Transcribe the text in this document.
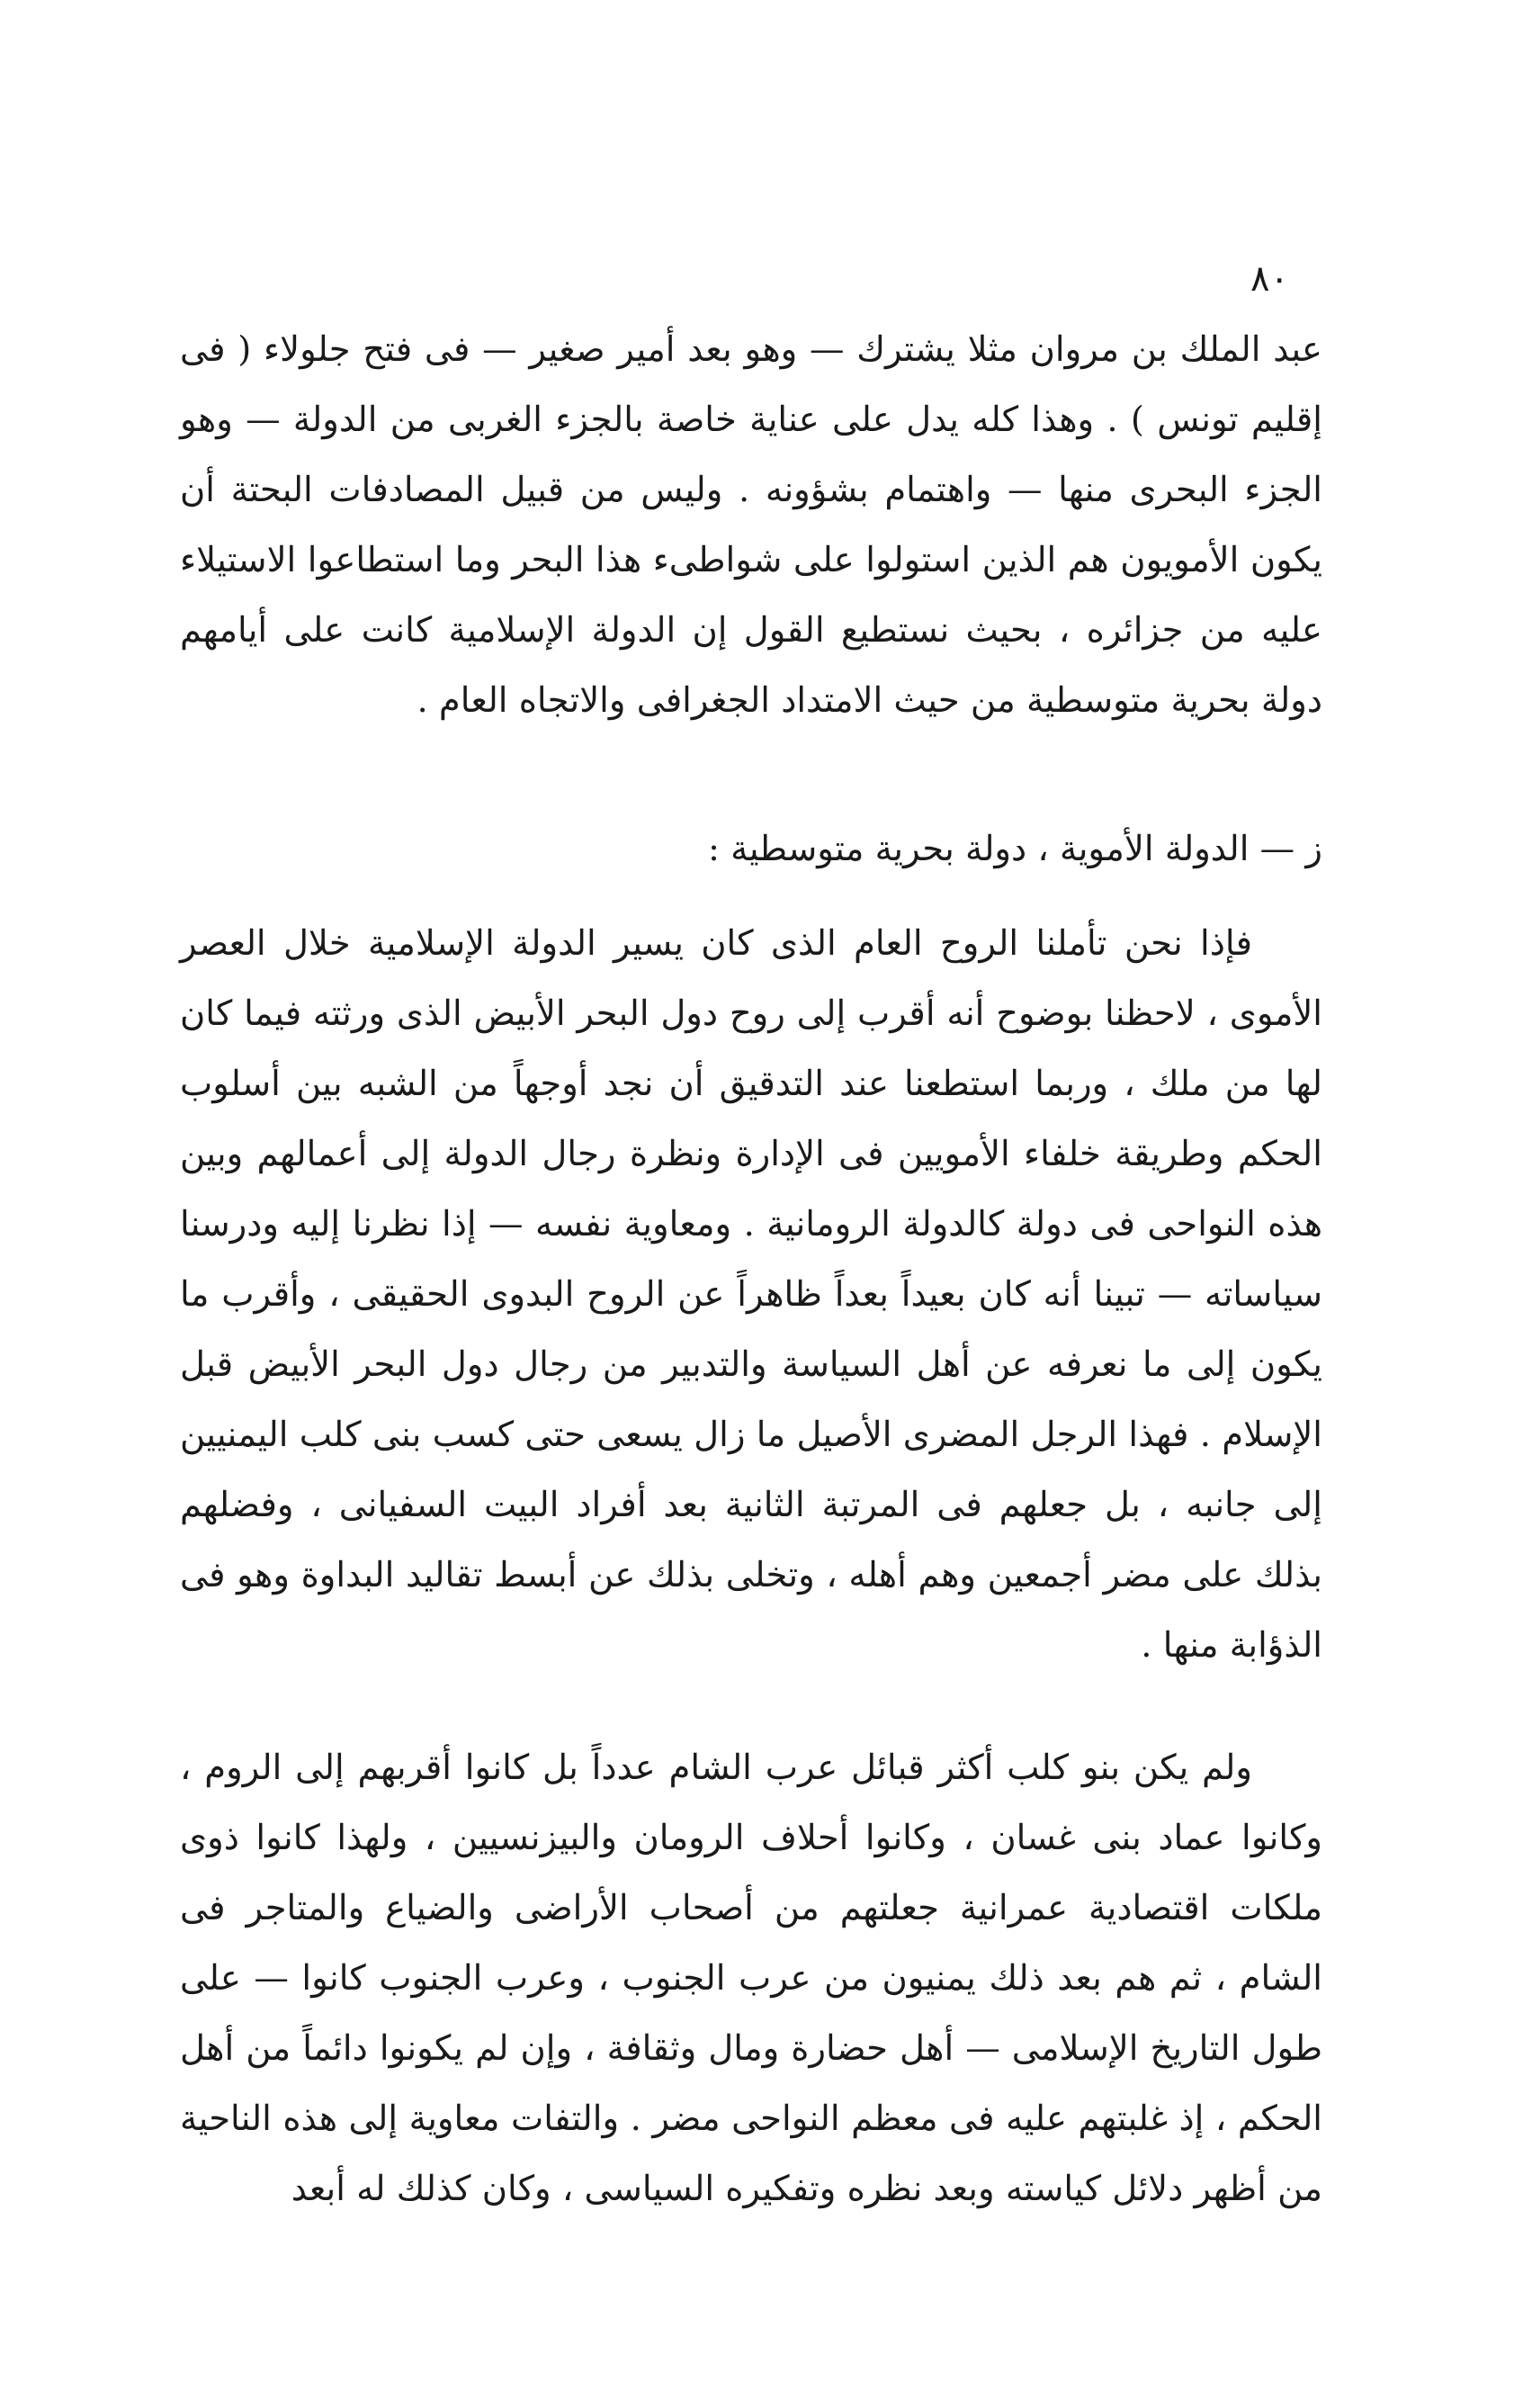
٨٠

عبد الملك بن مروان مثلا يشترك — وهو بعد أمير صغير — فى فتح جلولاء ( فى إقليم تونس ) . وهذا كله يدل على عناية خاصة بالجزء الغربى من الدولة — وهو الجزء البحرى منها — واهتمام بشؤونه . وليس من قبيل المصادفات البحتة أن يكون الأمويون هم الذين استولوا على شواطىء هذا البحر وما استطاعوا الاستيلاء عليه من جزائره ، بحيث نستطيع القول إن الدولة الإسلامية كانت على أيامهم دولة بحرية متوسطية من حيث الامتداد الجغرافى والاتجاه العام .

ز — الدولة الأموية ، دولة بحرية متوسطية :

فإذا نحن تأملنا الروح العام الذى كان يسير الدولة الإسلامية خلال العصر الأموى ، لاحظنا بوضوح أنه أقرب إلى روح دول البحر الأبيض الذى ورثته فيما كان لها من ملك ، وربما استطعنا عند التدقيق أن نجد أوجهاً من الشبه بين أسلوب الحكم وطريقة خلفاء الأمويين فى الإدارة ونظرة رجال الدولة إلى أعمالهم وبين هذه النواحى فى دولة كالدولة الرومانية . ومعاوية نفسه — إذا نظرنا إليه ودرسنا سياساته — تبينا أنه كان بعيداً بعداً ظاهراً عن الروح البدوى الحقيقى ، وأقرب ما يكون إلى ما نعرفه عن أهل السياسة والتدبير من رجال دول البحر الأبيض قبل الإسلام . فهذا الرجل المضرى الأصيل ما زال يسعى حتى كسب بنى كلب اليمنيين إلى جانبه ، بل جعلهم فى المرتبة الثانية بعد أفراد البيت السفيانى ، وفضلهم بذلك على مضر أجمعين وهم أهله ، وتخلى بذلك عن أبسط تقاليد البداوة وهو فى الذؤابة منها .

ولم يكن بنو كلب أكثر قبائل عرب الشام عدداً بل كانوا أقربهم إلى الروم ، وكانوا عماد بنى غسان ، وكانوا أحلاف الرومان والبيزنسيين ، ولهذا كانوا ذوى ملكات اقتصادية عمرانية جعلتهم من أصحاب الأراضى والضياع والمتاجر فى الشام ، ثم هم بعد ذلك يمنيون من عرب الجنوب ، وعرب الجنوب كانوا — على طول التاريخ الإسلامى — أهل حضارة ومال وثقافة ، وإن لم يكونوا دائماً من أهل الحكم ، إذ غلبتهم عليه فى معظم النواحى مضر . والتفات معاوية إلى هذه الناحية من أظهر دلائل كياسته وبعد نظره وتفكيره السياسى ، وكان كذلك له أبعد
